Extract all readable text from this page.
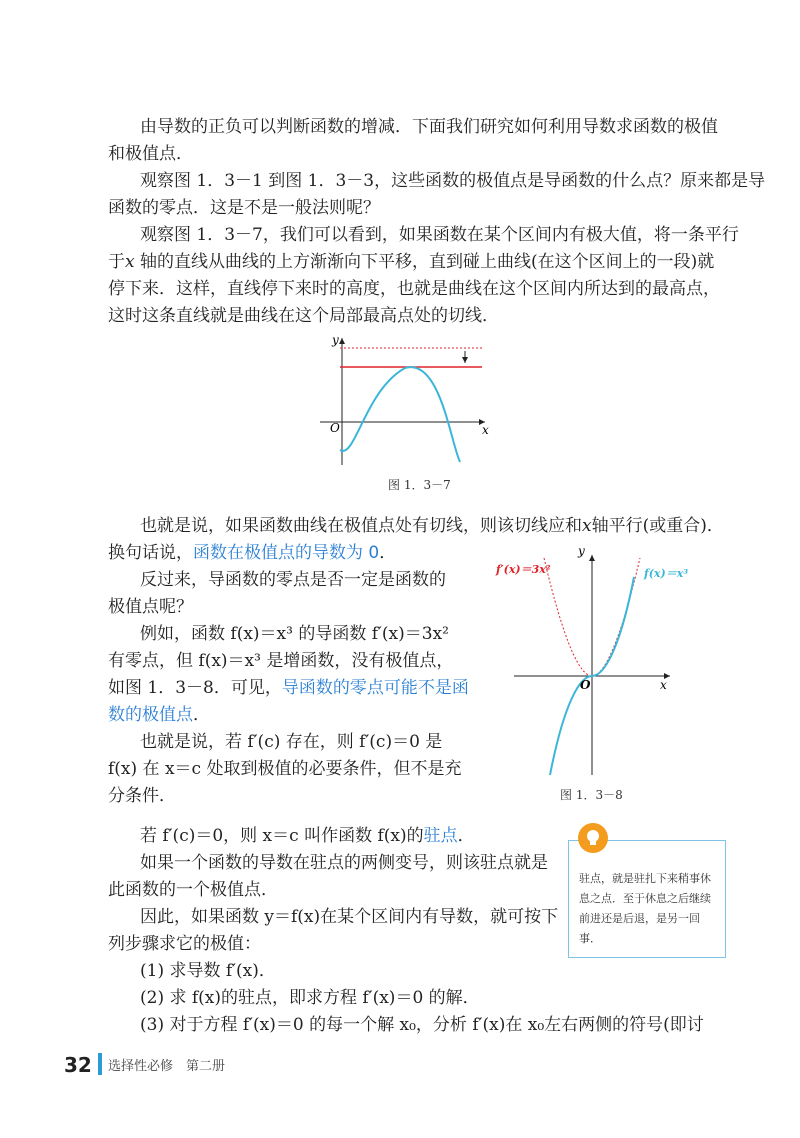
由导数的正负可以判断函数的增减．下面我们研究如何利用导数求函数的极值
和极值点．
观察图 1．3－1 到图 1．3－3，这些函数的极值点是导函数的什么点？原来都是导
函数的零点．这是不是一般法则呢？
观察图 1．3－7，我们可以看到，如果函数在某个区间内有极大值，将一条平行
于x 轴的直线从曲线的上方渐渐向下平移，直到碰上曲线(在这个区间上的一段)就
停下来．这样，直线停下来时的高度，也就是曲线在这个区间内所达到的最高点，
这时这条直线就是曲线在这个局部最高点处的切线．
O
y
x
图 1．3－7
也就是说，如果函数曲线在极值点处有切线，则该切线应和x轴平行(或重合)．
换句话说，函数在极值点的导数为 0．
反过来，导函数的零点是否一定是函数的
极值点呢？
例如，函数 f(x)＝x³ 的导函数 f′(x)＝3x²
有零点，但 f(x)＝x³ 是增函数，没有极值点，
如图 1．3－8．可见，导函数的零点可能不是函
数的极值点．
也就是说，若 f′(c) 存在，则 f′(c)＝0 是
f(x) 在 x＝c 处取到极值的必要条件，但不是充
分条件．
O
y
x
f′(x)＝3x²	f(x)＝x³
图 1．3－8
若 f′(c)＝0，则 x＝c 叫作函数 f(x)的驻点．
如果一个函数的导数在驻点的两侧变号，则该驻点就是
此函数的一个极值点．
因此，如果函数 y＝f(x)在某个区间内有导数，就可按下
列步骤求它的极值：
(1) 求导数 f′(x)．
(2) 求 f(x)的驻点，即求方程 f′(x)＝0 的解．
(3) 对于方程 f′(x)＝0 的每一个解 x₀，分析 f′(x)在 x₀左右两侧的符号(即讨
驻点，就是驻扎下来稍事休息之点．至于休息之后继续前进还是后退，是另一回事．
32 选择性必修　第二册
